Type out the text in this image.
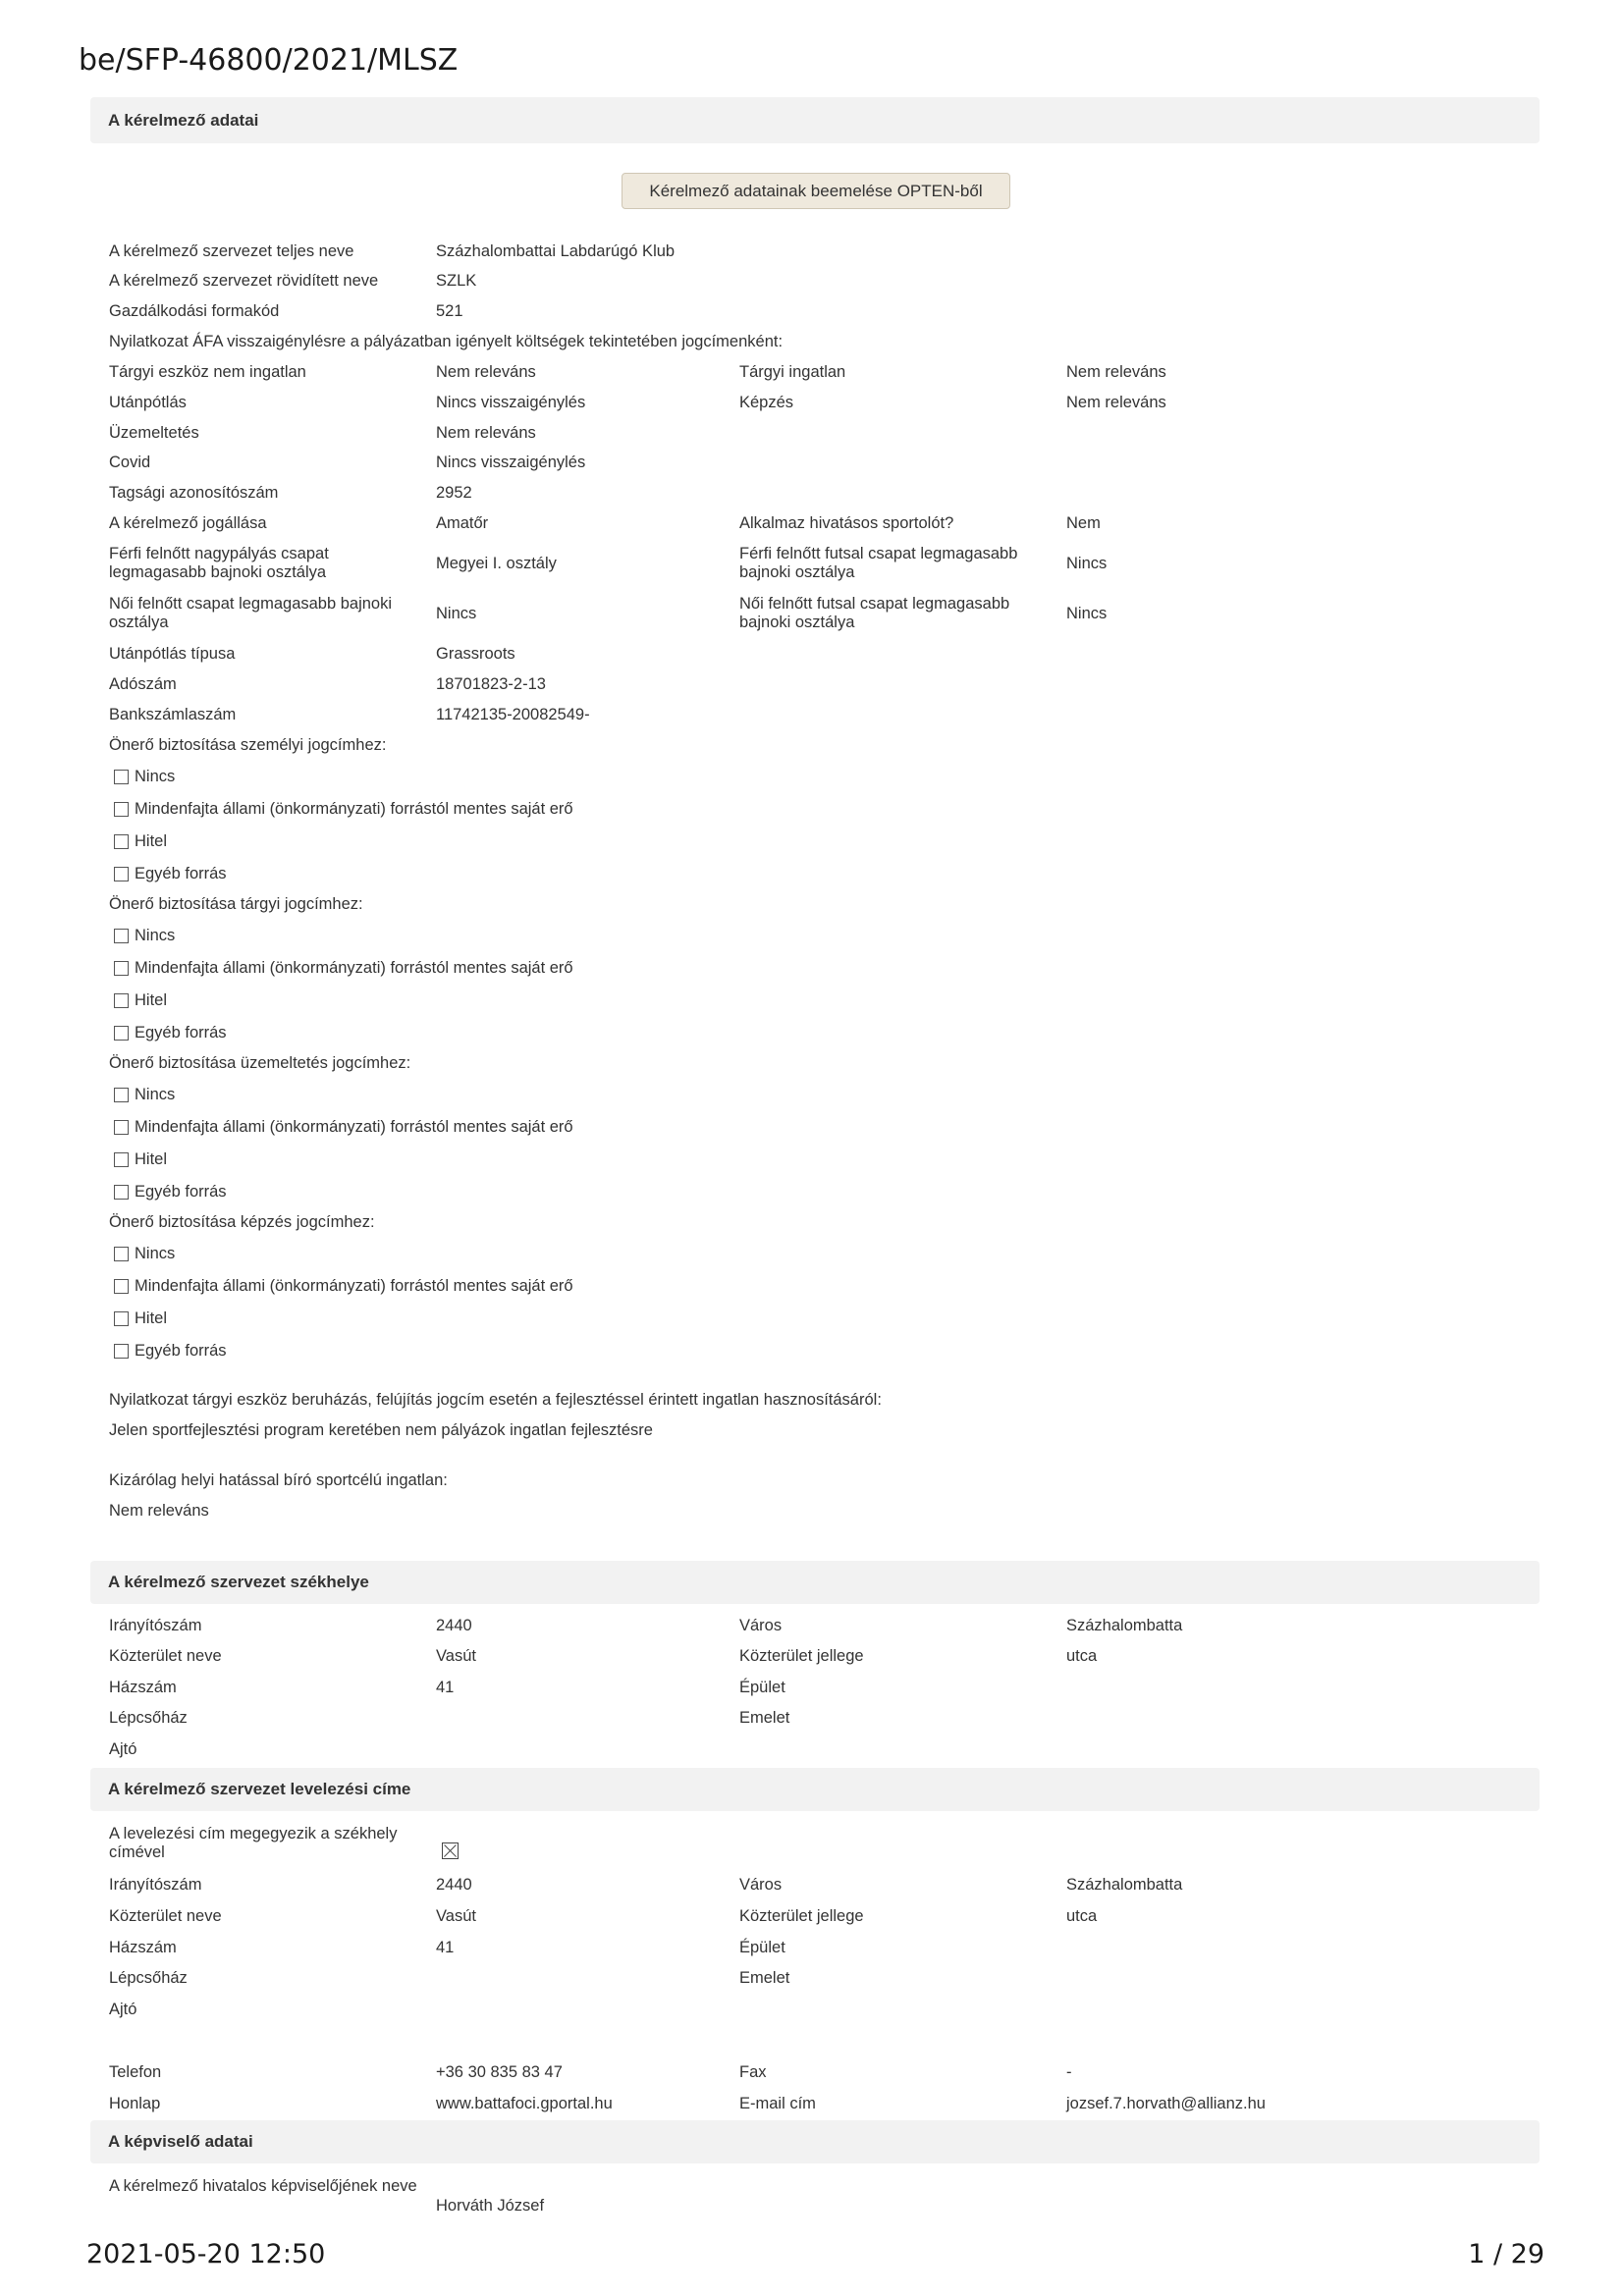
be/SFP-46800/2021/MLSZ
A kérelmező adatai
Kérelmező adatainak beemelése OPTEN-ből
A kérelmező szervezet teljes neve	Százhalombattai Labdarúgó Klub
A kérelmező szervezet rövidített neve	SZLK
Gazdálkodási formakód	521
Nyilatkozat ÁFA visszaigénylésre a pályázatban igényelt költségek tekintetében jogcímenként:
Tárgyi eszköz nem ingatlan	Nem releváns	Tárgyi ingatlan	Nem releváns
Utánpótlás	Nincs visszaigénylés	Képzés	Nem releváns
Üzemeltetés	Nem releváns
Covid	Nincs visszaigénylés
Tagsági azonosítószám	2952
A kérelmező jogállása	Amatőr	Alkalmaz hivatásos sportolót?	Nem
Férfi felnőtt nagypályás csapat legmagasabb bajnoki osztálya	Megyei I. osztály
Férfi felnőtt futsal csapat legmagasabb bajnoki osztálya	Nincs
Női felnőtt csapat legmagasabb bajnoki osztálya	Nincs
Női felnőtt futsal csapat legmagasabb bajnoki osztálya	Nincs
Utánpótlás típusa	Grassroots
Adószám	18701823-2-13
Bankszámlaszám	11742135-20082549-
Önerő biztosítása személyi jogcímhez:
Nincs
Mindenfajta állami (önkormányzati) forrástól mentes saját erő
Hitel
Egyéb forrás
Önerő biztosítása tárgyi jogcímhez:
Nincs
Mindenfajta állami (önkormányzati) forrástól mentes saját erő
Hitel
Egyéb forrás
Önerő biztosítása üzemeltetés jogcímhez:
Nincs
Mindenfajta állami (önkormányzati) forrástól mentes saját erő
Hitel
Egyéb forrás
Önerő biztosítása képzés jogcímhez:
Nincs
Mindenfajta állami (önkormányzati) forrástól mentes saját erő
Hitel
Egyéb forrás
Nyilatkozat tárgyi eszköz beruházás, felújítás jogcím esetén a fejlesztéssel érintett ingatlan hasznosításáról:
Jelen sportfejlesztési program keretében nem pályázok ingatlan fejlesztésre
Kizárólag helyi hatással bíró sportcélú ingatlan:
Nem releváns
A kérelmező szervezet székhelye
Irányítószám	2440	Város	Százhalombatta
Közterület neve	Vasút	Közterület jellege	utca
Házszám	41	Épület
Lépcsőház	Emelet
Ajtó
A kérelmező szervezet levelezési címe
A levelezési cím megegyezik a székhely címével
Irányítószám	2440	Város	Százhalombatta
Közterület neve	Vasút	Közterület jellege	utca
Házszám	41	Épület
Lépcsőház	Emelet
Ajtó
Telefon	+36 30 835 83 47	Fax	-
Honlap	www.battafoci.gportal.hu	E-mail cím	jozsef.7.horvath@allianz.hu
A képviselő adatai
A kérelmező hivatalos képviselőjének neve
Horváth József
2021-05-20 12:50	1 / 29
